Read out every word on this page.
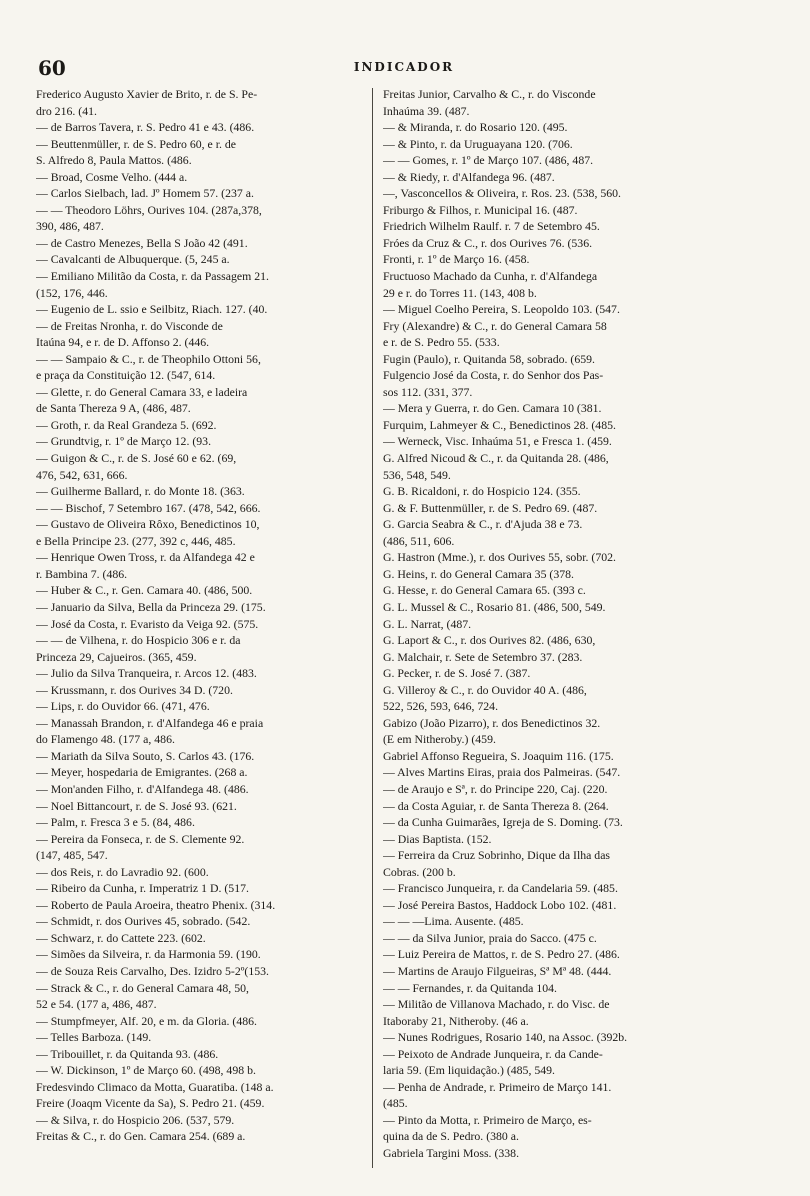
60	INDICADOR
Frederico Augusto Xavier de Brito, r. de S. Pe-
dro 216. (41.
— de Barros Tavera, r. S. Pedro 41 e 43. (486.
— Beuttenmüller, r. de S. Pedro 60, e r. de
S. Alfredo 8, Paula Mattos. (486.
— Broad, Cosme Velho. (444 a.
— Carlos Sielbach, lad. Jº Homem 57. (237 a.
— — Theodoro Löhrs, Ourives 104. (287a,378,
390, 486, 487.
— de Castro Menezes, Bella S João 42 (491.
— Cavalcanti de Albuquerque. (5, 245 a.
— Emiliano Militão da Costa, r. da Passagem 21.
(152, 176, 446.
— Eugenio de L. ssio e Seilbitz, Riach. 127. (40.
— de Freitas Nronha, r. do Visconde de
Itaúna 94, e r. de D. Affonso 2. (446.
— — Sampaio & C., r. de Theophilo Ottoni 56,
e praça da Constituição 12. (547, 614.
— Glette, r. do General Camara 33, e ladeira
de Santa Thereza 9 A, (486, 487.
— Groth, r. da Real Grandeza 5. (692.
— Grundtvig, r. 1º de Março 12. (93.
— Guigon & C., r. de S. José 60 e 62. (69,
476, 542, 631, 666.
— Guilherme Ballard, r. do Monte 18. (363.
— — Bischof, 7 Setembro 167. (478, 542, 666.
— Gustavo de Oliveira Rôxo, Benedictinos 10,
e Bella Principe 23. (277, 392 c, 446, 485.
— Henrique Owen Tross, r. da Alfandega 42 e
r. Bambina 7. (486.
— Huber & C., r. Gen. Camara 40. (486, 500.
— Januario da Silva, Bella da Princeza 29. (175.
— José da Costa, r. Evaristo da Veiga 92. (575.
— — de Vilhena, r. do Hospicio 306 e r. da
Princeza 29, Cajueiros. (365, 459.
— Julio da Silva Tranqueira, r. Arcos 12. (483.
— Krussmann, r. dos Ourives 34 D. (720.
— Lips, r. do Ouvidor 66. (471, 476.
— Manassah Brandon, r. d'Alfandega 46 e praia
do Flamengo 48. (177 a, 486.
— Mariath da Silva Souto, S. Carlos 43. (176.
— Meyer, hospedaria de Emigrantes. (268 a.
— Mon'anden Filho, r. d'Alfandega 48. (486.
— Noel Bittancourt, r. de S. José 93. (621.
— Palm, r. Fresca 3 e 5. (84, 486.
— Pereira da Fonseca, r. de S. Clemente 92.
(147, 485, 547.
— dos Reis, r. do Lavradio 92. (600.
— Ribeiro da Cunha, r. Imperatriz 1 D. (517.
— Roberto de Paula Aroeira, theatro Phenix. (314.
— Schmidt, r. dos Ourives 45, sobrado. (542.
— Schwarz, r. do Cattete 223. (602.
— Simões da Silveira, r. da Harmonia 59. (190.
— de Souza Reis Carvalho, Des. Izidro 5-2º(153.
— Strack & C., r. do General Camara 48, 50,
52 e 54. (177 a, 486, 487.
— Stumpfmeyer, Alf. 20, e m. da Gloria. (486.
— Telles Barboza. (149.
— Tribouillet, r. da Quitanda 93. (486.
— W. Dickinson, 1º de Março 60. (498, 498 b.
Fredesvindo Climaco da Motta, Guaratiba. (148 a.
Freire (Joaqm Vicente da Sa), S. Pedro 21. (459.
— & Silva, r. do Hospicio 206. (537, 579.
Freitas & C., r. do Gen. Camara 254. (689 a.
Freitas Junior, Carvalho & C., r. do Visconde
Inhaúma 39. (487.
— & Miranda, r. do Rosario 120. (495.
— & Pinto, r. da Uruguayana 120. (706.
— — Gomes, r. 1º de Março 107. (486, 487.
— & Riedy, r. d'Alfandega 96. (487.
—, Vasconcellos & Oliveira, r. Ros. 23. (538, 560.
Friburgo & Filhos, r. Municipal 16. (487.
Friedrich Wilhelm Raulf. r. 7 de Setembro 45.
Fróes da Cruz & C., r. dos Ourives 76. (536.
Fronti, r. 1º de Março 16. (458.
Fructuoso Machado da Cunha, r. d'Alfandega
29 e r. do Torres 11. (143, 408 b.
— Miguel Coelho Pereira, S. Leopoldo 103. (547.
Fry (Alexandre) & C., r. do General Camara 58
e r. de S. Pedro 55. (533.
Fugin (Paulo), r. Quitanda 58, sobrado. (659.
Fulgencio José da Costa, r. do Senhor dos Pas-
sos 112. (331, 377.
— Mera y Guerra, r. do Gen. Camara 10 (381.
Furquim, Lahmeyer & C., Benedictinos 28. (485.
— Werneck, Visc. Inhaúma 51, e Fresca 1. (459.
G. Alfred Nicoud & C., r. da Quitanda 28. (486,
536, 548, 549.
G. B. Ricaldoni, r. do Hospicio 124. (355.
G. & F. Buttenmüller, r. de S. Pedro 69. (487.
G. Garcia Seabra & C., r. d'Ajuda 38 e 73.
(486, 511, 606.
G. Hastron (Mme.), r. dos Ourives 55, sobr. (702.
G. Heins, r. do General Camara 35 (378.
G. Hesse, r. do General Camara 65. (393 c.
G. L. Mussel & C., Rosario 81. (486, 500, 549.
G. L. Narrat, (487.
G. Laport & C., r. dos Ourives 82. (486, 630,
G. Malchair, r. Sete de Setembro 37. (283.
G. Pecker, r. de S. José 7. (387.
G. Villeroy & C., r. do Ouvidor 40 A. (486,
522, 526, 593, 646, 724.
Gabizo (João Pizarro), r. dos Benedictinos 32.
(E em Nitheroby.) (459.
Gabriel Affonso Regueira, S. Joaquim 116. (175.
— Alves Martins Eiras, praia dos Palmeiras. (547.
— de Araujo e Sª, r. do Principe 220, Caj. (220.
— da Costa Aguiar, r. de Santa Thereza 8. (264.
— da Cunha Guimarães, Igreja de S. Doming. (73.
— Dias Baptista. (152.
— Ferreira da Cruz Sobrinho, Dique da Ilha das
Cobras. (200 b.
— Francisco Junqueira, r. da Candelaria 59. (485.
— José Pereira Bastos, Haddock Lobo 102. (481.
— — —Lima. Ausente. (485.
— — da Silva Junior, praia do Sacco. (475 c.
— Luiz Pereira de Mattos, r. de S. Pedro 27. (486.
— Martins de Araujo Filgueiras, Sª Mª 48. (444.
— — Fernandes, r. da Quitanda 104.
— Militão de Villanova Machado, r. do Visc. de
Itaboraby 21, Nitheroby. (46 a.
— Nunes Rodrigues, Rosario 140, na Assoc. (392b.
— Peixoto de Andrade Junqueira, r. da Cande-
laria 59. (Em liquidação.) (485, 549.
— Penha de Andrade, r. Primeiro de Março 141.
(485.
— Pinto da Motta, r. Primeiro de Março, es-
quina da de S. Pedro. (380 a.
Gabriela Targini Moss. (338.
